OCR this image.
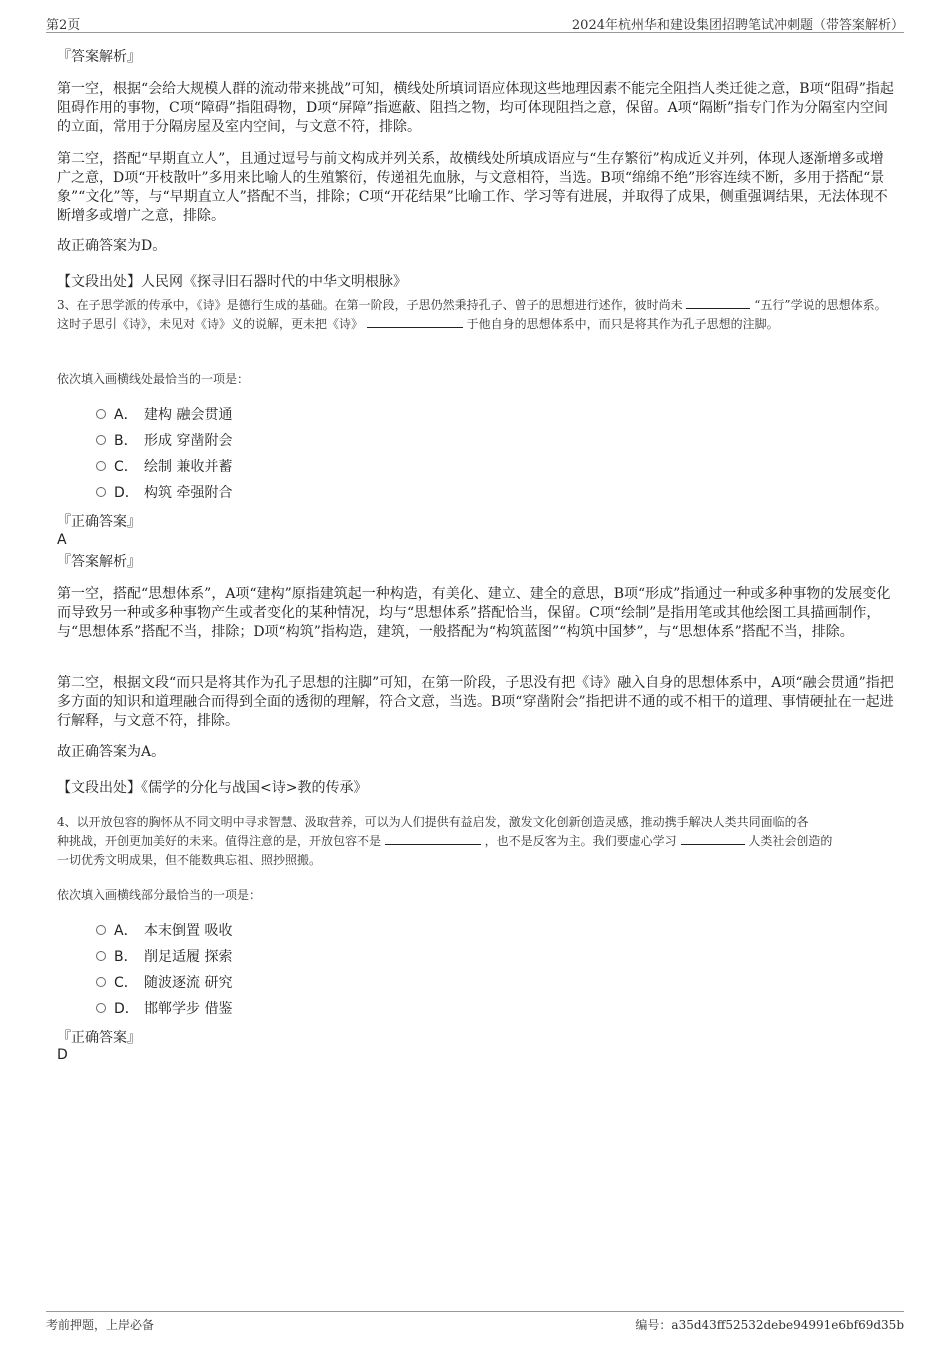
第2页	2024年杭州华和建设集团招聘笔试冲刺题（带答案解析）
『答案解析』
第一空，根据“会给大规模人群的流动带来挑战”可知，横线处所填词语应体现这些地理因素不能完全阻挡人类迁徙之意，B项“阻碍”指起阻碍作用的事物，C项“障碍”指阻碍物，D项“屏障”指遮蔽、阻挡之物，均可体现阻挡之意，保留。A项“隔断”指专门作为分隔室内空间的立面，常用于分隔房屋及室内空间，与文意不符，排除。
第二空，搭配“早期直立人”，且通过逗号与前文构成并列关系，故横线处所填成语应与“生存繁衍”构成近义并列，体现人逐渐增多或增广之意，D项“开枝散叶”多用来比喻人的生殖繁衍，传递祖先血脉，与文意相符，当选。B项“绵绵不绝”形容连续不断，多用于搭配“景象”“文化”等，与“早期直立人”搭配不当，排除；C项“开花结果”比喻工作、学习等有进展，并取得了成果，侧重强调结果，无法体现不断增多或增广之意，排除。
故正确答案为D。
【文段出处】人民网《探寻旧石器时代的中华文明根脉》
3、在子思学派的传承中，《诗》是德行生成的基础。在第一阶段，子思仍然秉持孔子、曾子的思想进行述作，彼时尚未	“五行”学说的思想体系。这时子思引《诗》，未见对《诗》义的说解，更未把《诗》	于他自身的思想体系中，而只是将其作为孔子思想的注脚。
依次填入画横线处最恰当的一项是：
A． 建构 融会贯通
B． 形成 穿凿附会
C． 绘制 兼收并蓄
D． 构筑 牵强附合
『正确答案』
A
『答案解析』
第一空，搭配“思想体系”，A项“建构”原指建筑起一种构造，有美化、建立、建全的意思，B项“形成”指通过一种或多种事物的发展变化而导致另一种或多种事物产生或者变化的某种情况，均与“思想体系”搭配恰当，保留。C项“绘制”是指用笔或其他绘图工具描画制作，与“思想体系”搭配不当，排除；D项“构筑”指构造，建筑，一般搭配为“构筑蓝图”“构筑中国梦”，与“思想体系”搭配不当，排除。
第二空，根据文段“而只是将其作为孔子思想的注脚”可知，在第一阶段，子思没有把《诗》融入自身的思想体系中，A项“融会贯通”指把多方面的知识和道理融合而得到全面的透彻的理解，符合文意，当选。B项“穿凿附会”指把讲不通的或不相干的道理、事情硬扯在一起进行解释，与文意不符，排除。
故正确答案为A。
【文段出处】《儒学的分化与战国<诗>教的传承》
4、以开放包容的胸怀从不同文明中寻求智慧、汲取营养，可以为人们提供有益启发，激发文化创新创造灵感，推动携手解决人类共同面临的各
种挑战，开创更加美好的未来。值得注意的是，开放包容不是	，也不是反客为主。我们要虚心学习	人类社会创造的
一切优秀文明成果，但不能数典忘祖、照抄照搬。
依次填入画横线部分最恰当的一项是：
A． 本末倒置 吸收
B． 削足适履 探索
C． 随波逐流 研究
D． 邯郸学步 借鉴
『正确答案』
D
考前押题，上岸必备	编号：a35d43ff52532debe94991e6bf69d35b
